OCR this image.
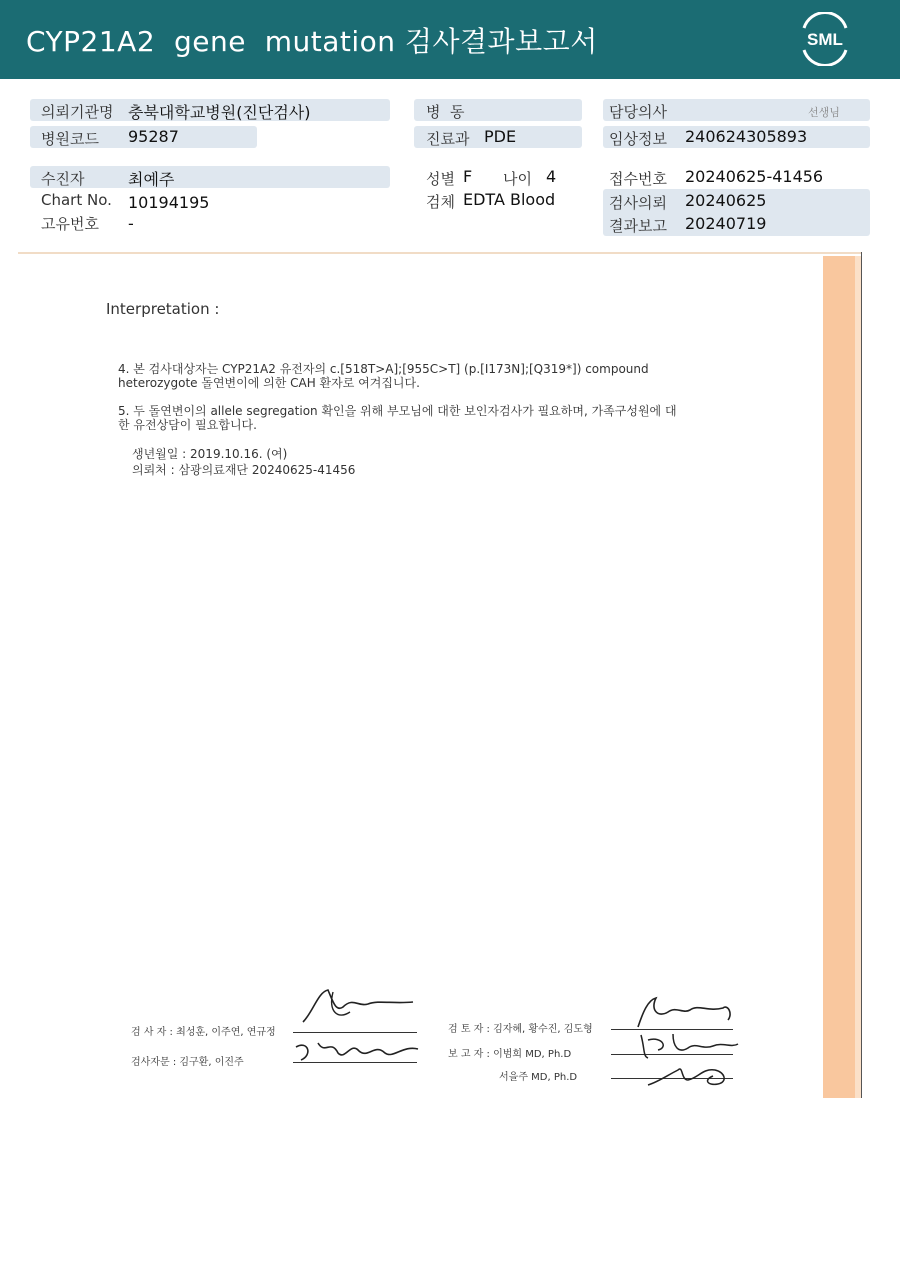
CYP21A2  gene  mutation 검사결과보고서	SML
의뢰기관명 충북대학교병원(진단검사)
병원코드 95287
병  동
진료과 PDE
담당의사	선생님
임상정보 240624305893
수진자	최예주
Chart No. 10194195
고유번호 -
성별 F 나이 4
검체 EDTA Blood
접수번호 20240625-41456
검사의뢰 20240625
결과보고 20240719
Interpretation :
4. 본 검사대상자는 CYP21A2 유전자의 c.[518T>A];[955C>T] (p.[I173N];[Q319*]) compound
heterozygote 돌연변이에 의한 CAH 환자로 여겨집니다.
5. 두 돌연변이의 allele segregation 확인을 위해 부모님에 대한 보인자검사가 필요하며, 가족구성원에 대
한 유전상담이 필요합니다.
생년월일 : 2019.10.16. (여)
의뢰처 : 삼광의료재단 20240625-41456
검 사 자 : 최성훈, 이주연, 연규정
검사자문 : 김구환, 이진주
검 토 자 : 김자혜, 황수진, 김도형
보 고 자 : 이범희 MD, Ph.D
서을주 MD, Ph.D
